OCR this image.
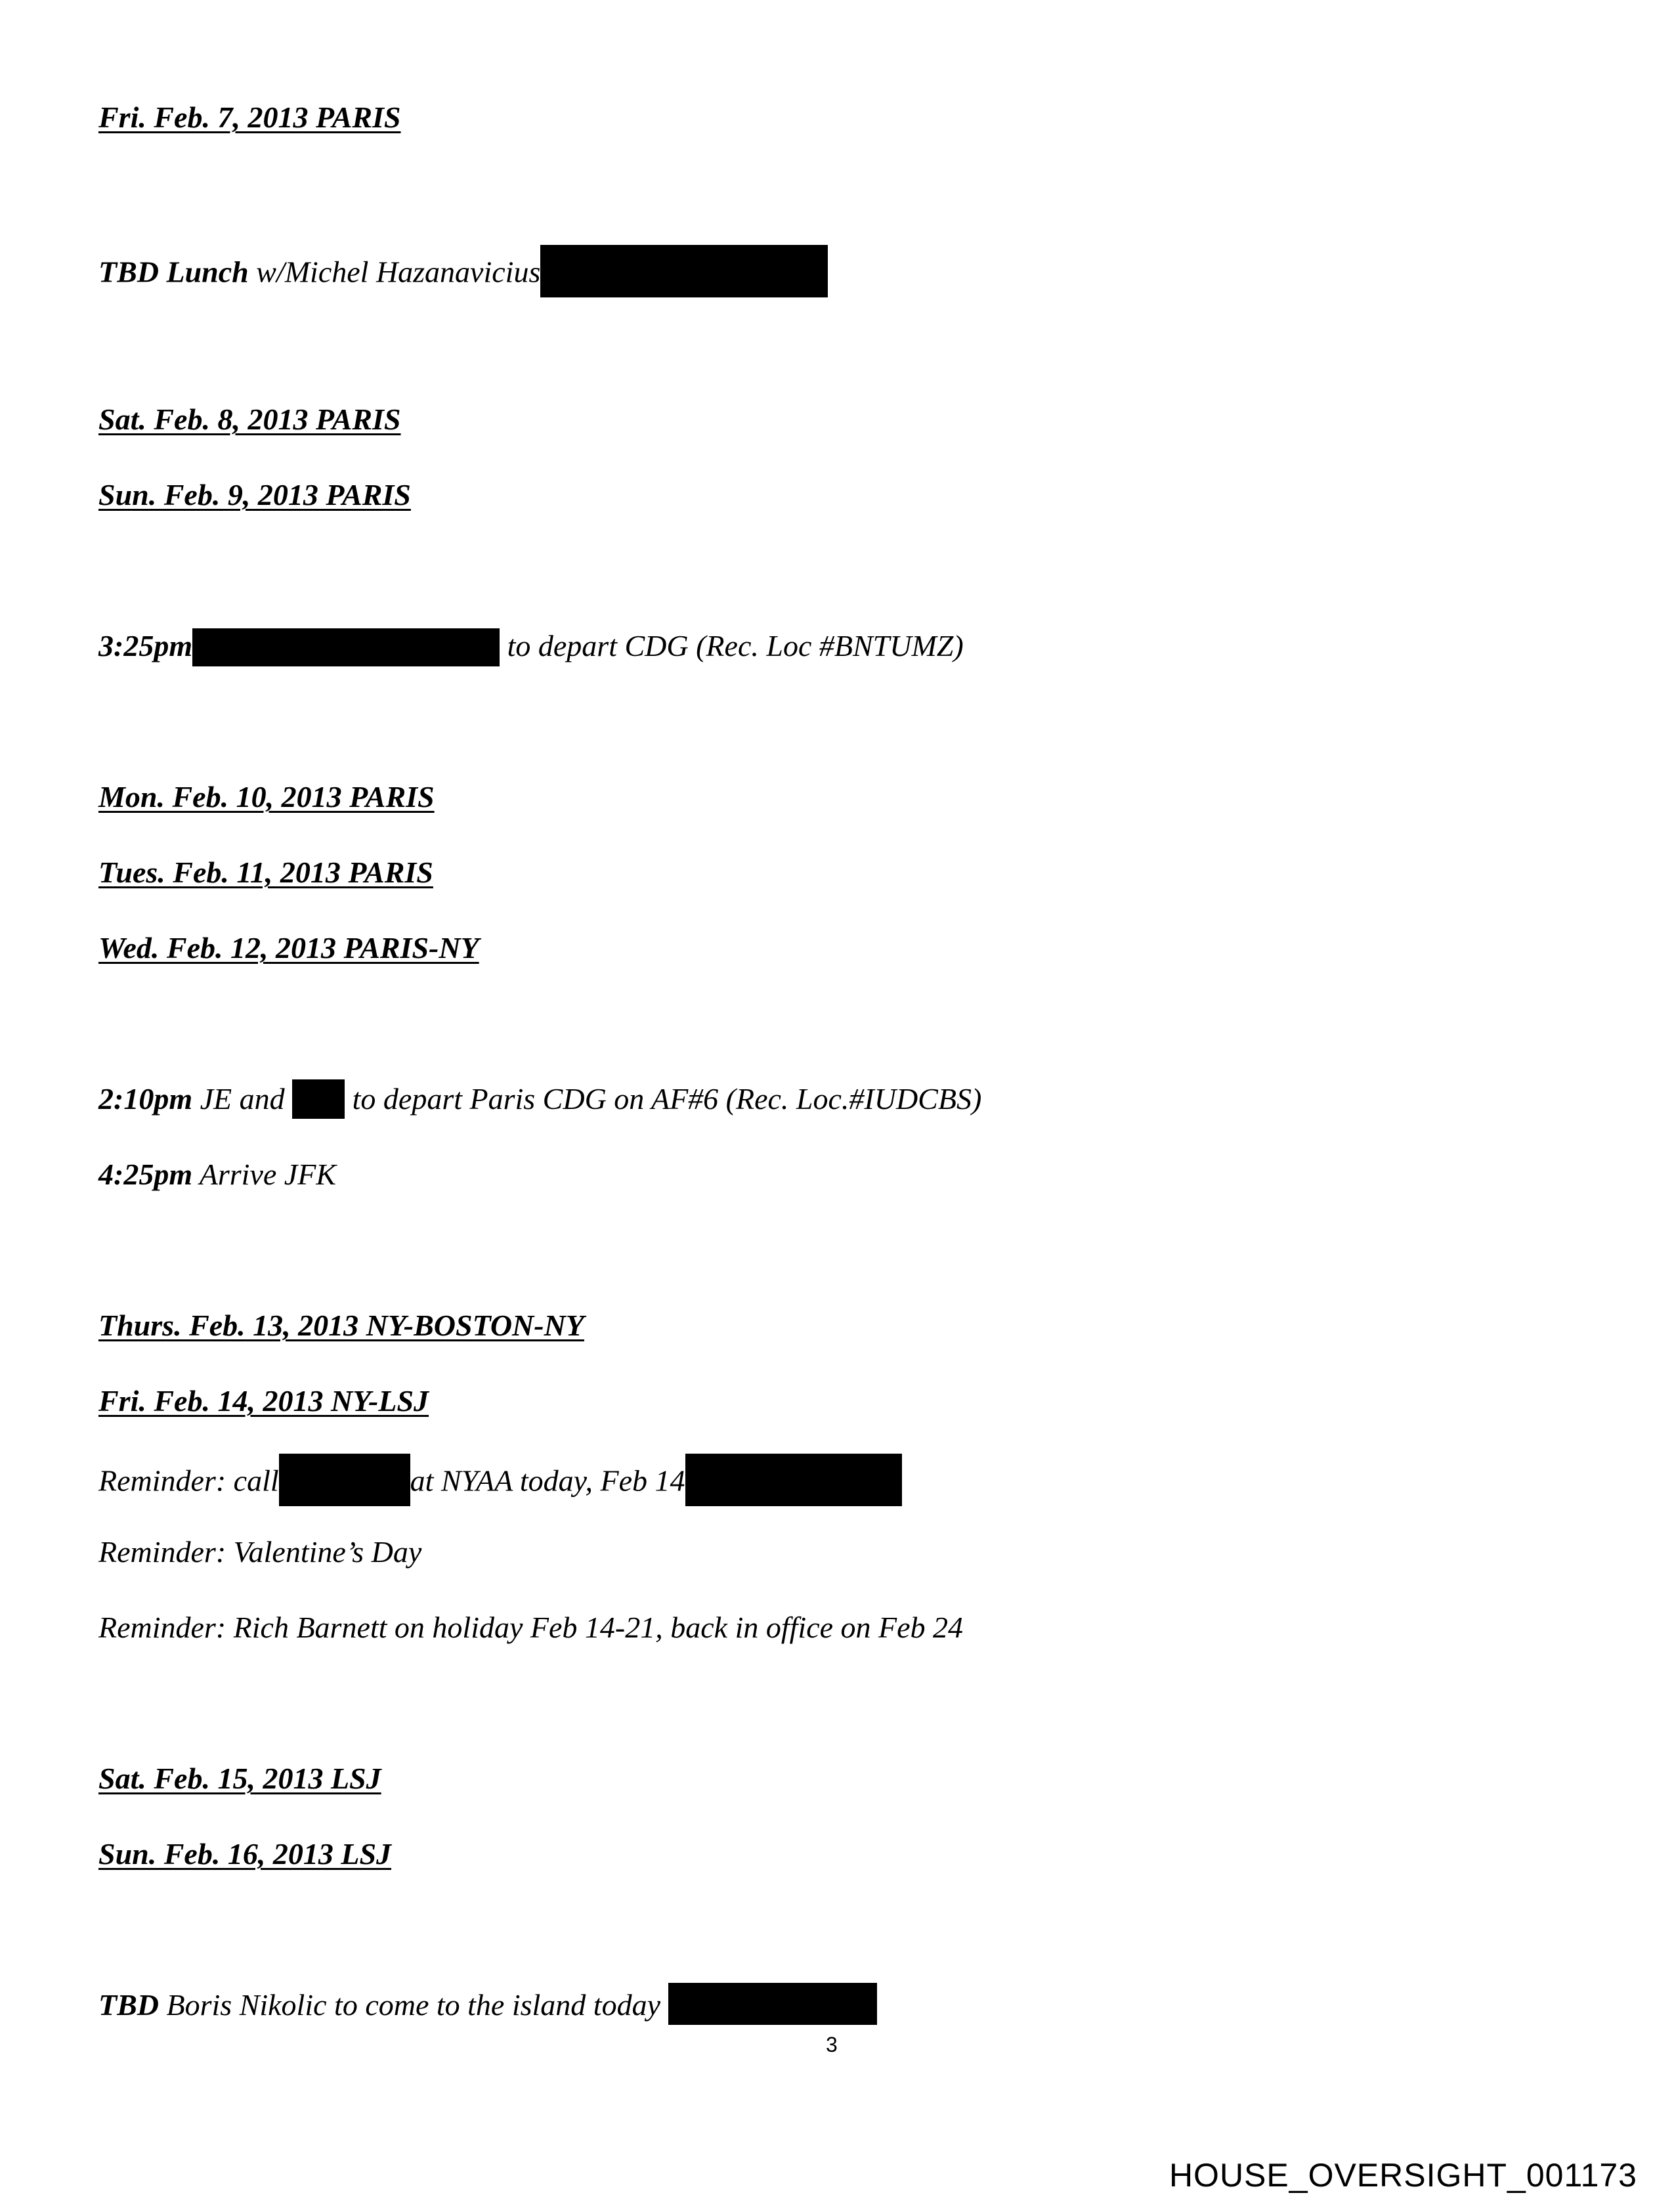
Fri. Feb. 7, 2013 PARIS
TBD Lunch w/Michel Hazanavicius
Sat. Feb. 8, 2013 PARIS
Sun. Feb. 9, 2013 PARIS
3:25pm	to depart CDG (Rec. Loc #BNTUMZ)
Mon. Feb. 10, 2013 PARIS
Tues. Feb. 11, 2013 PARIS
Wed. Feb. 12, 2013 PARIS-NY
2:10pm JE and  to depart Paris CDG on AF#6 (Rec. Loc.#IUDCBS)
4:25pm Arrive JFK
Thurs. Feb. 13, 2013 NY-BOSTON-NY
Fri. Feb. 14, 2013 NY-LSJ
Reminder: call	at NYAA today, Feb 14
Reminder: Valentine’s Day
Reminder: Rich Barnett on holiday Feb 14-21, back in office on Feb 24
Sat. Feb. 15, 2013 LSJ
Sun. Feb. 16, 2013 LSJ
TBD Boris Nikolic to come to the island today
3
HOUSE_OVERSIGHT_001173
